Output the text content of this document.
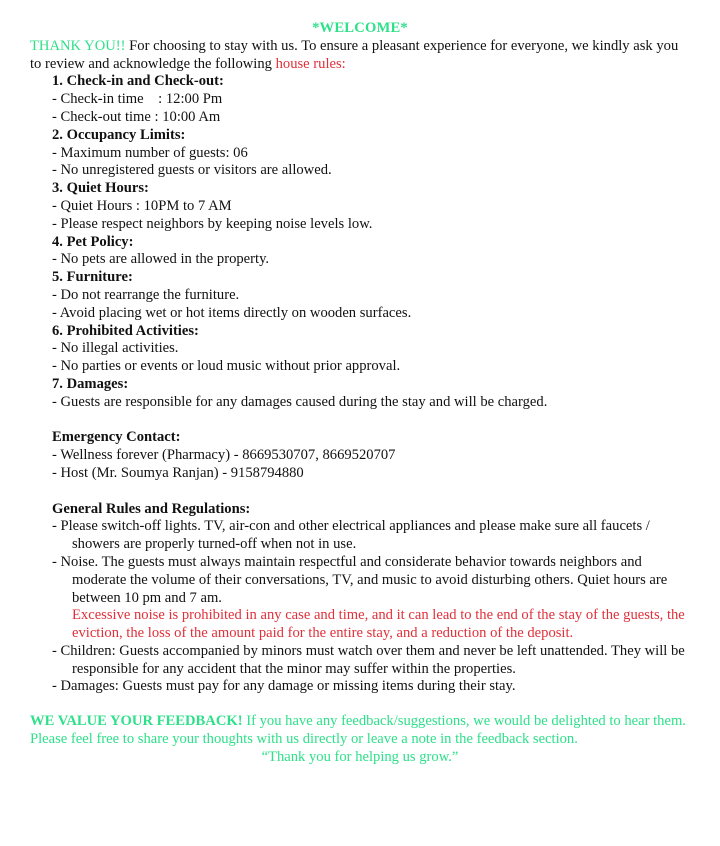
*WELCOME*

THANK YOU!! For choosing to stay with us. To ensure a pleasant experience for everyone, we kindly ask you to review and acknowledge the following house rules:

1. Check-in and Check-out:
- Check-in time    : 12:00 Pm
- Check-out time : 10:00 Am
2. Occupancy Limits:
- Maximum number of guests: 06
- No unregistered guests or visitors are allowed.
3. Quiet Hours:
- Quiet Hours : 10PM to 7 AM
- Please respect neighbors by keeping noise levels low.
4. Pet Policy:
- No pets are allowed in the property.
5. Furniture:
- Do not rearrange the furniture.
- Avoid placing wet or hot items directly on wooden surfaces.
6. Prohibited Activities:
- No illegal activities.
- No parties or events or loud music without prior approval.
7. Damages:
- Guests are responsible for any damages caused during the stay and will be charged.
Emergency Contact:
- Wellness forever (Pharmacy) - 8669530707, 8669520707
- Host (Mr. Soumya Ranjan) - 9158794880
General Rules and Regulations:
- Please switch-off lights. TV, air-con and other electrical appliances and please make sure all faucets / showers are properly turned-off when not in use.
- Noise. The guests must always maintain respectful and considerate behavior towards neighbors and moderate the volume of their conversations, TV, and music to avoid disturbing others. Quiet hours are between 10 pm and 7 am.
Excessive noise is prohibited in any case and time, and it can lead to the end of the stay of the guests, the eviction, the loss of the amount paid for the entire stay, and a reduction of the deposit.
- Children: Guests accompanied by minors must watch over them and never be left unattended. They will be responsible for any accident that the minor may suffer within the properties.
- Damages: Guests must pay for any damage or missing items during their stay.
WE VALUE YOUR FEEDBACK! If you have any feedback/suggestions, we would be delighted to hear them. Please feel free to share your thoughts with us directly or leave a note in the feedback section.
“Thank you for helping us grow.”
